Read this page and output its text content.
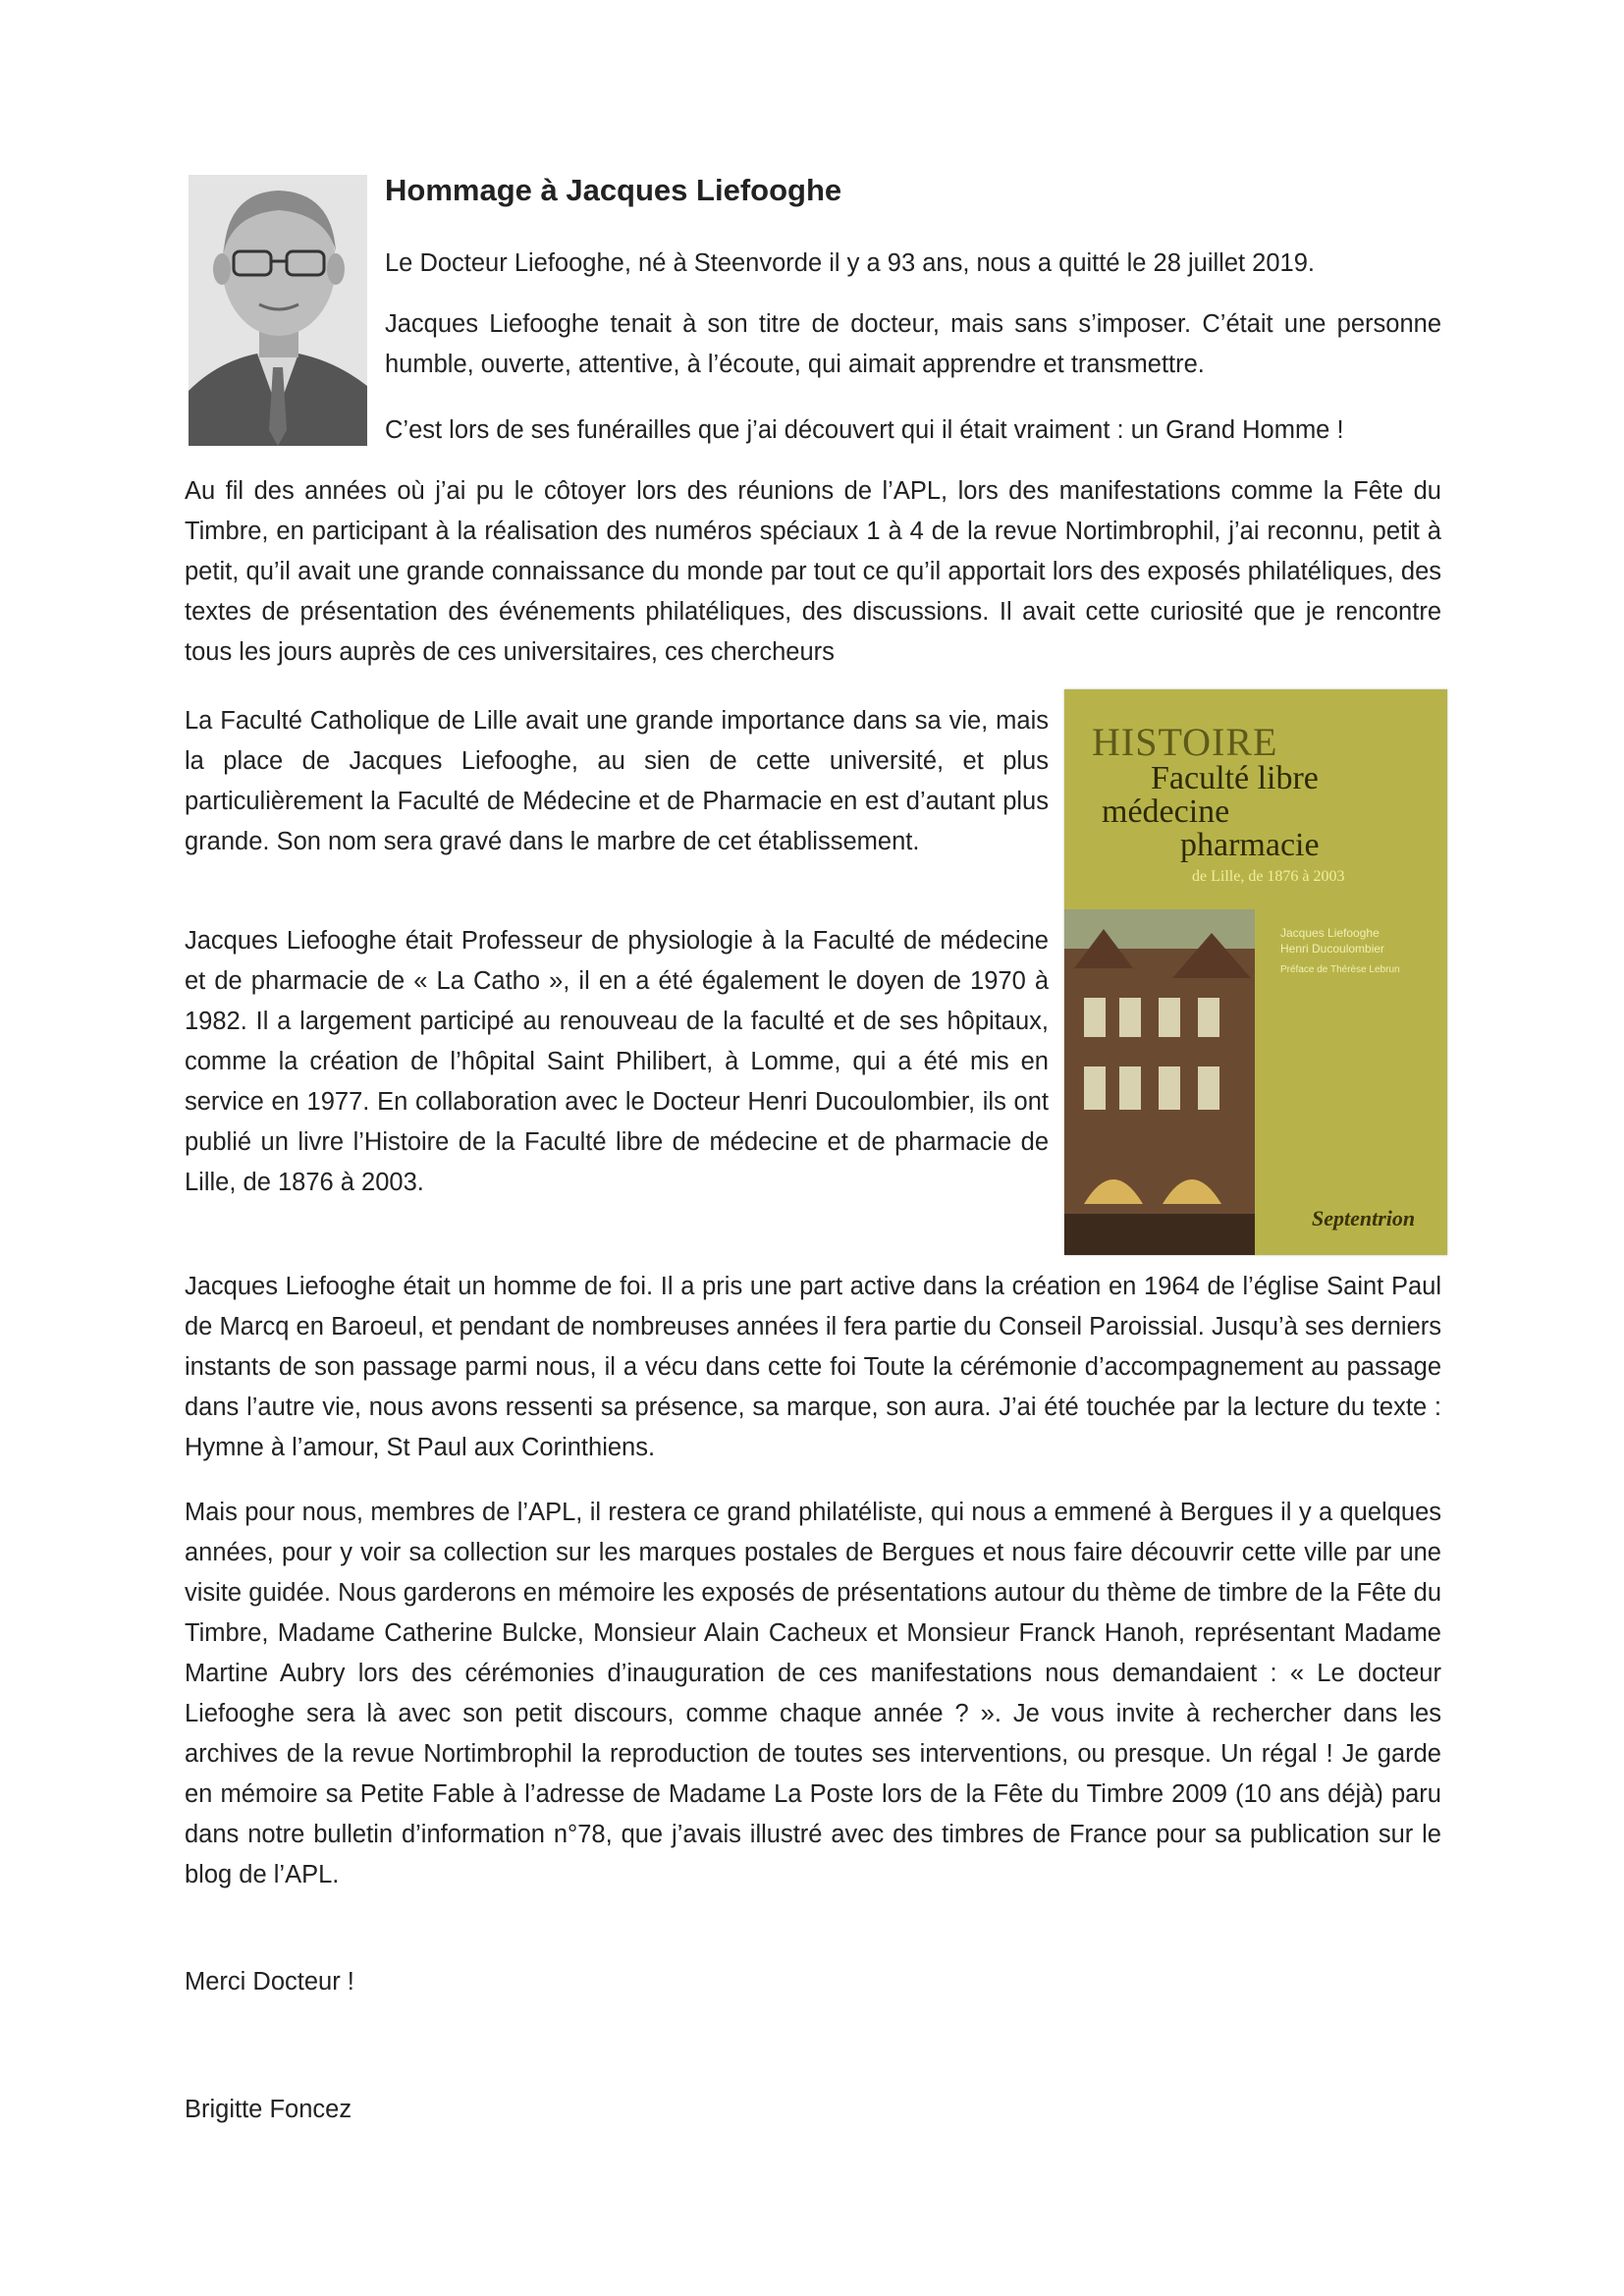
Hommage à Jacques Liefooghe

Le Docteur Liefooghe, né à Steenvorde il y a 93 ans, nous a quitté le 28 juillet 2019.

Jacques Liefooghe tenait à son titre de docteur, mais sans s’imposer. C’était une personne humble, ouverte, attentive, à l’écoute, qui aimait apprendre et transmettre.

C’est lors de ses funérailles que j’ai découvert qui il était vraiment : un Grand Homme !

Au fil des années où j’ai pu le côtoyer lors des réunions de l’APL, lors des manifestations comme la Fête du Timbre, en participant à la réalisation des numéros spéciaux 1 à 4 de la revue Nortimbrophil, j’ai reconnu, petit à petit, qu’il avait une grande connaissance du monde par tout ce qu’il apportait lors des exposés philatéliques, des textes de présentation des événements philatéliques, des discussions. Il avait cette curiosité que je rencontre tous les jours auprès de ces universitaires, ces chercheurs

La Faculté Catholique de Lille avait une grande importance dans sa vie, mais la place de Jacques Liefooghe, au sien de cette université, et plus particulièrement la Faculté de Médecine et de Pharmacie en est d’autant plus grande. Son nom sera gravé dans le marbre de cet établissement.

HISTOIRE
Faculté libre
médecine
pharmacie
de Lille, de 1876 à 2003
Jacques Liefooghe
Henri Ducoulombier
Préface de Thérèse Lebrun
Septentrion

Jacques Liefooghe était Professeur de physiologie à la Faculté de médecine et de pharmacie de « La Catho », il en a été également le doyen de 1970 à 1982. Il a largement participé au renouveau de la faculté et de ses hôpitaux, comme la création de l’hôpital Saint Philibert, à Lomme, qui a été mis en service en 1977. En collaboration avec le Docteur Henri Ducoulombier, ils ont publié un livre l’Histoire de la Faculté libre de médecine et de pharmacie de Lille, de 1876 à 2003.

Jacques Liefooghe était un homme de foi. Il a pris une part active dans la création en 1964 de l’église Saint Paul de Marcq en Baroeul, et pendant de nombreuses années il fera partie du Conseil Paroissial. Jusqu’à ses derniers instants de son passage parmi nous, il a vécu dans cette foi Toute la cérémonie d’accompagnement au passage dans l’autre vie, nous avons ressenti sa présence, sa marque, son aura. J’ai été touchée par la lecture du texte : Hymne à l’amour, St Paul aux Corinthiens.

Mais pour nous, membres de l’APL, il restera ce grand philatéliste, qui nous a emmené à Bergues il y a quelques années, pour y voir sa collection sur les marques postales de Bergues et nous faire découvrir cette ville par une visite guidée. Nous garderons en mémoire les exposés de présentations autour du thème de timbre de la Fête du Timbre, Madame Catherine Bulcke, Monsieur Alain Cacheux et Monsieur Franck Hanoh, représentant Madame Martine Aubry lors des cérémonies d’inauguration de ces manifestations nous demandaient : « Le docteur Liefooghe sera là avec son petit discours, comme chaque année ? ». Je vous invite à rechercher dans les archives de la revue Nortimbrophil la reproduction de toutes ses interventions, ou presque. Un régal ! Je garde en mémoire sa Petite Fable à l’adresse de Madame La Poste lors de la Fête du Timbre 2009 (10 ans déjà) paru dans notre bulletin d’information n°78, que j’avais illustré avec des timbres de France pour sa publication sur le blog de l’APL.

Merci Docteur !

Brigitte Foncez
